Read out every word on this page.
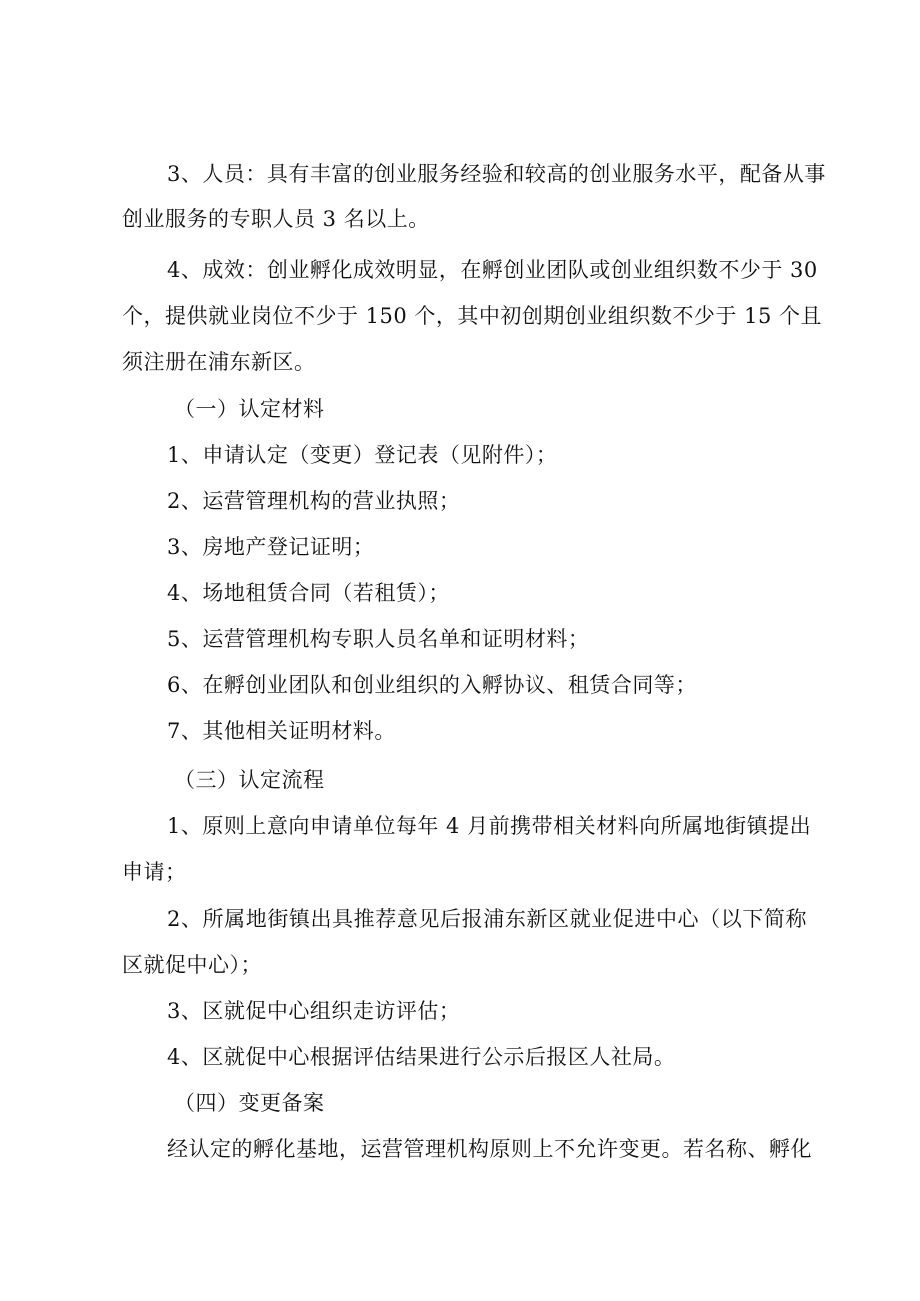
3、人员：具有丰富的创业服务经验和较高的创业服务水平，配备从事
创业服务的专职人员 3 名以上。
4、成效：创业孵化成效明显，在孵创业团队或创业组织数不少于 30
个，提供就业岗位不少于 150 个，其中初创期创业组织数不少于 15 个且
须注册在浦东新区。
（一）认定材料
1、申请认定（变更）登记表（见附件）；
2、运营管理机构的营业执照；
3、房地产登记证明；
4、场地租赁合同（若租赁）；
5、运营管理机构专职人员名单和证明材料；
6、在孵创业团队和创业组织的入孵协议、租赁合同等；
7、其他相关证明材料。
（三）认定流程
1、原则上意向申请单位每年 4 月前携带相关材料向所属地街镇提出
申请；
2、所属地街镇出具推荐意见后报浦东新区就业促进中心（以下简称
区就促中心）；
3、区就促中心组织走访评估；
4、区就促中心根据评估结果进行公示后报区人社局。
（四）变更备案
经认定的孵化基地，运营管理机构原则上不允许变更。若名称、孵化
